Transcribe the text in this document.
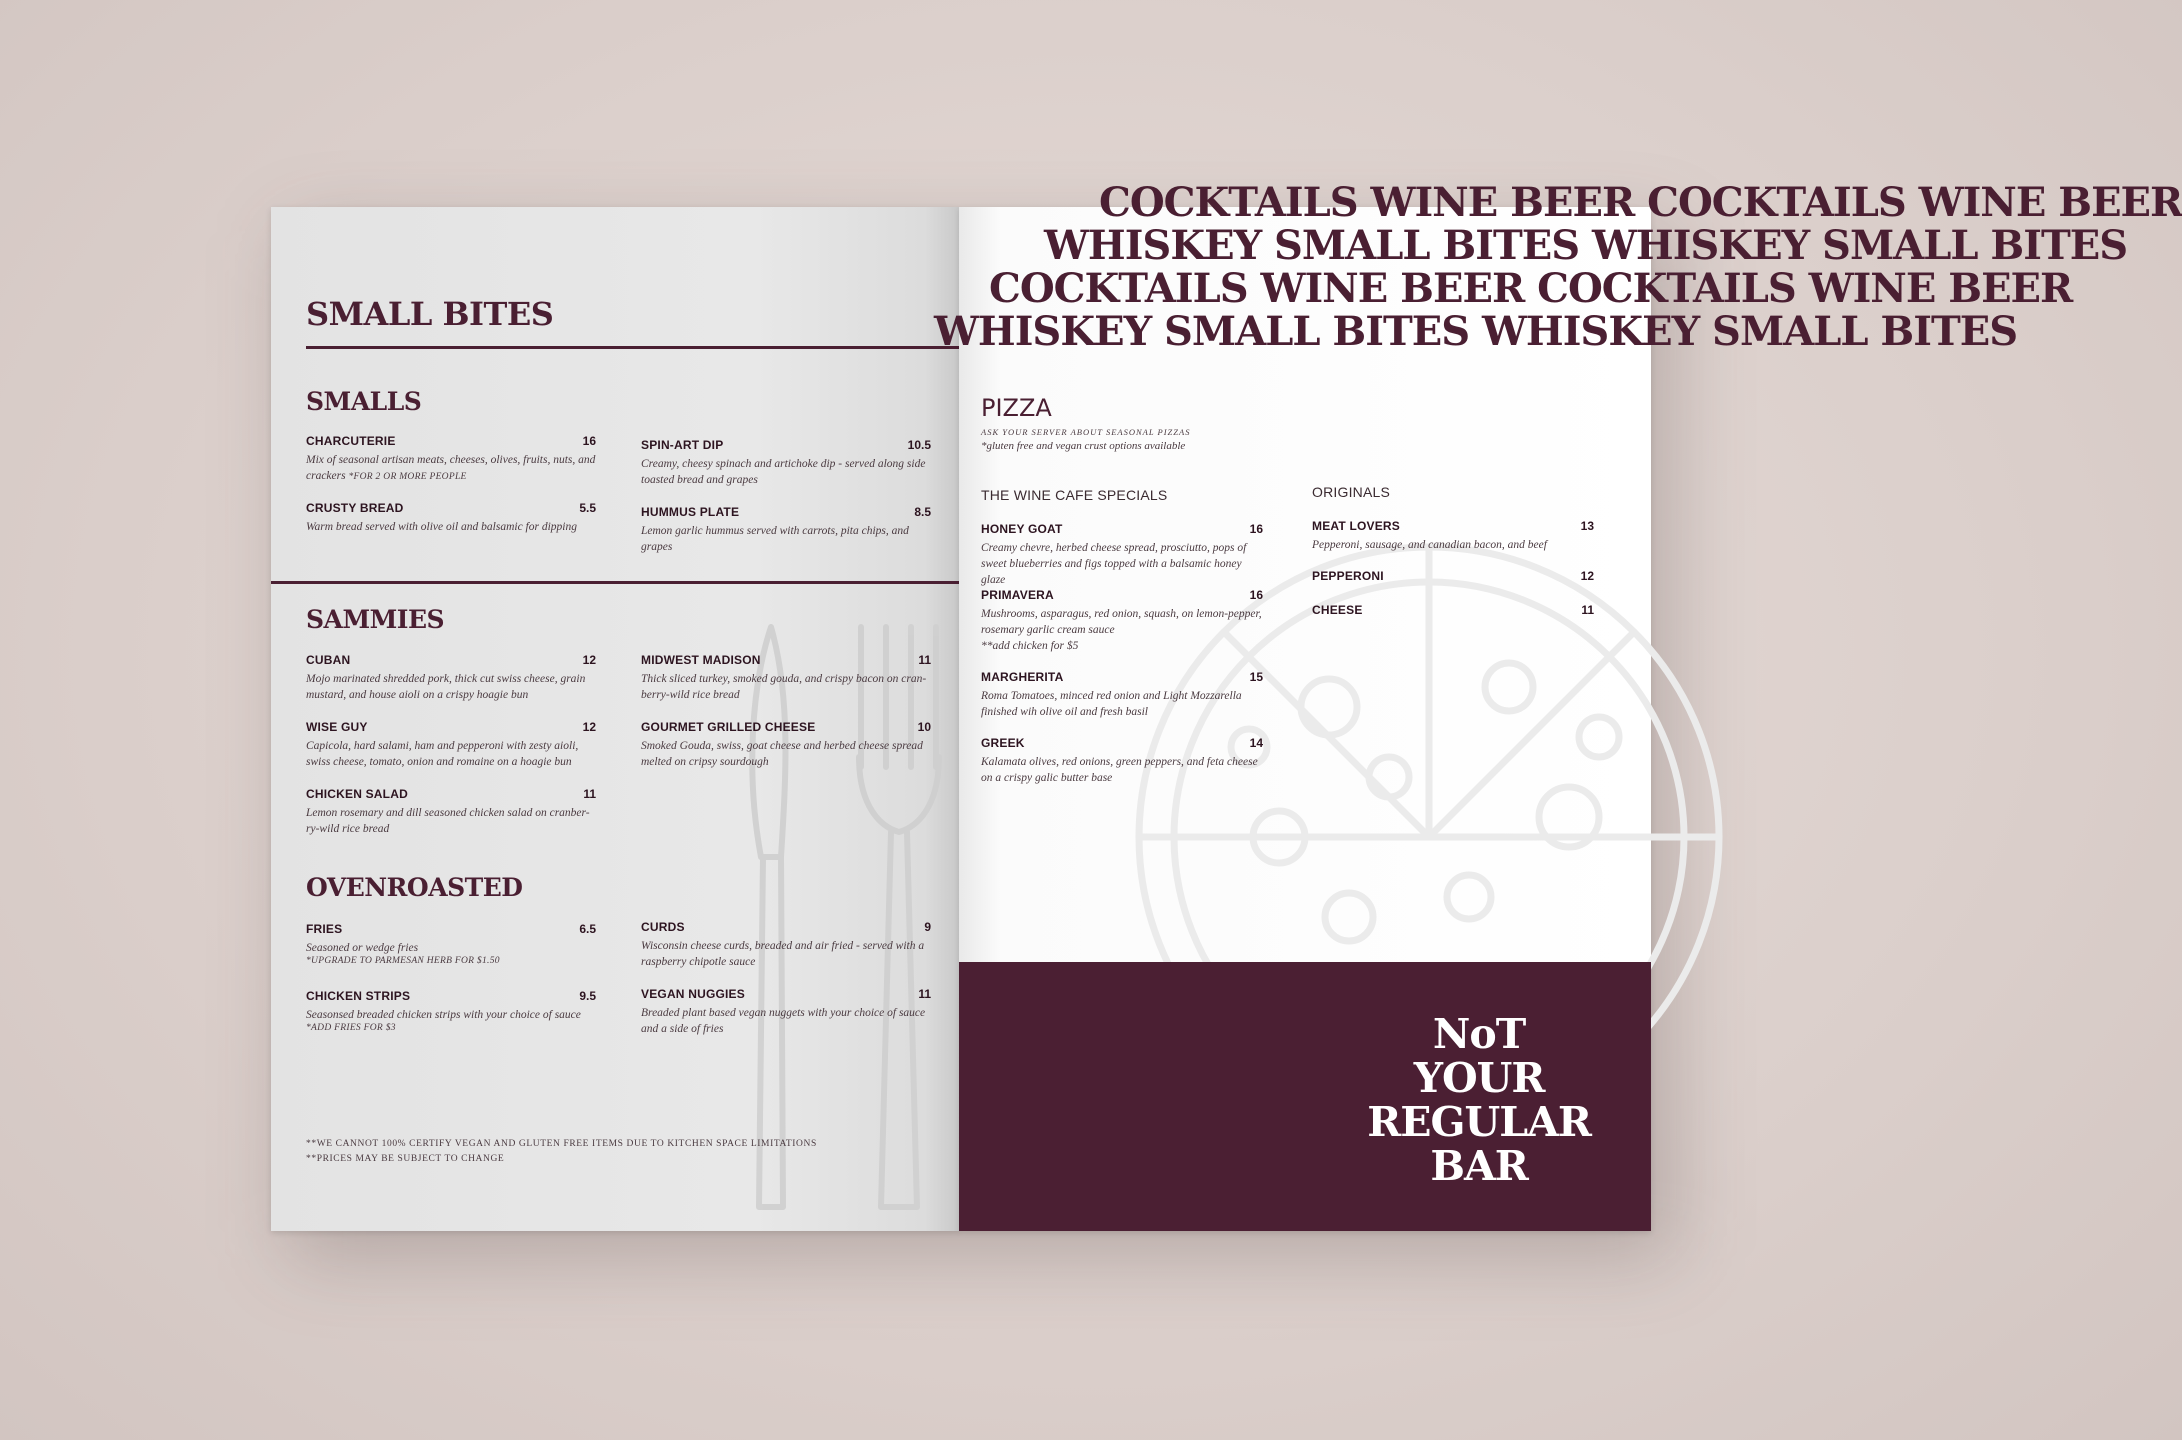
SMALL BITES
SMALLS
CHARCUTERIE	16
Mix of seasonal artisan meats, cheeses, olives, fruits, nuts, and crackers *FOR 2 OR MORE PEOPLE
SPIN-ART DIP	10.5
Creamy, cheesy spinach and artichoke dip - served along side toasted bread and grapes
CRUSTY BREAD	5.5
Warm bread served with olive oil and balsamic for dipping
HUMMUS PLATE	8.5
Lemon garlic hummus served with carrots, pita chips, and grapes
SAMMIES
CUBAN	12
Mojo marinated shredded pork, thick cut swiss cheese, grain mustard, and house aioli on a crispy hoagie bun
MIDWEST MADISON	11
Thick sliced turkey, smoked gouda, and crispy bacon on cran-berry-wild rice bread
WISE GUY	12
Capicola, hard salami, ham and pepperoni with zesty aioli, swiss cheese, tomato, onion and romaine on a hoagie bun
GOURMET GRILLED CHEESE	10
Smoked Gouda, swiss, goat cheese and herbed cheese spread melted on cripsy sourdough
CHICKEN SALAD	11
Lemon rosemary and dill seasoned chicken salad on cranber-ry-wild rice bread
OVENROASTED
FRIES	6.5
Seasoned or wedge fries
*UPGRADE TO PARMESAN HERB FOR $1.50
CURDS	9
Wisconsin cheese curds, breaded and air fried - served with a raspberry chipotle sauce
CHICKEN STRIPS	9.5
Seasonsed breaded chicken strips with your choice of sauce
*ADD FRIES FOR $3
VEGAN NUGGIES	11
Breaded plant based vegan nuggets with your choice of sauce and a side of fries
**WE CANNOT 100% CERTIFY VEGAN AND GLUTEN FREE ITEMS DUE TO KITCHEN SPACE LIMITATIONS
**PRICES MAY BE SUBJECT TO CHANGE
COCKTAILS WINE BEER COCKTAILS WINE BEER
WHISKEY SMALL BITES WHISKEY SMALL BITES
COCKTAILS WINE BEER COCKTAILS WINE BEER
WHISKEY SMALL BITES WHISKEY SMALL BITES
PIZZA
ASK YOUR SERVER ABOUT SEASONAL PIZZAS
*gluten free and vegan crust options available
THE WINE CAFE SPECIALS	ORIGINALS
HONEY GOAT	16
Creamy chevre, herbed cheese spread, prosciutto, pops of sweet blueberries and figs topped with a balsamic honey glaze
PRIMAVERA	16
Mushrooms, asparagus, red onion, squash, on lemon-pepper, rosemary garlic cream sauce
**add chicken for $5
MARGHERITA	15
Roma Tomatoes, minced red onion and Light Mozzarella finished wih olive oil and fresh basil
GREEK	14
Kalamata olives, red onions, green peppers, and feta cheese on a crispy galic butter base
MEAT LOVERS	13
Pepperoni, sausage, and canadian bacon, and beef
PEPPERONI	12
CHEESE	11
NoT
YOUR
REGULAR
BAR
